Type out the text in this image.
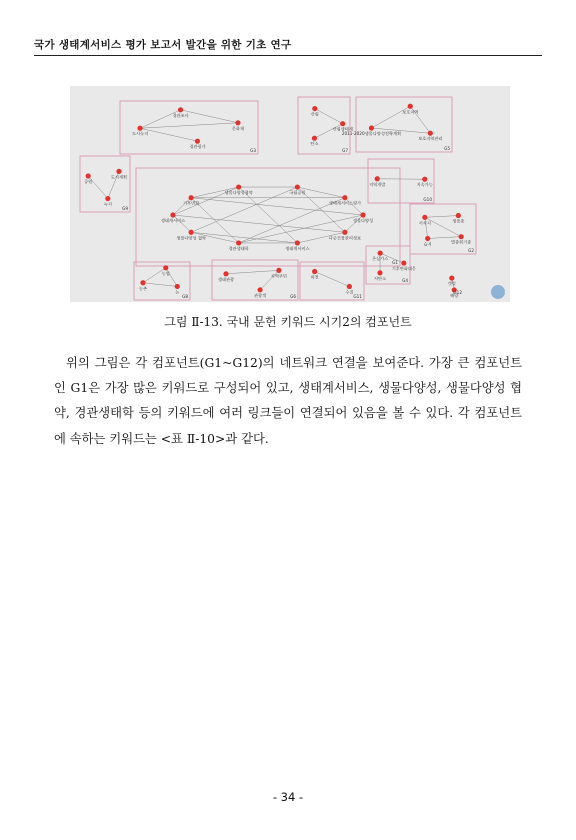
국가 생태계서비스 평가 보고서 발간을 위한 기초 연구
생물다양성
다중건물관리정보
생태계서비스
경관생태학
생물다양성 협약
생태계서비스
기후변화
생물다양성협약	국립공원
생태계서비스평가
G1
멸종위기종
습지
서식지	생물종
G2
경관평가
도시녹지
경관조사
문화재
G3
저탄소
온실가스
기후변화대응
G4
2011-2020생물다양성전략계획
보호지역
보호지역관리
G5
생태관광
지역주민
관광객	G6
산림
산림생태계
탄소
G7
농업
논
농촌
G8
도시계획
녹지
공원
G9
지속가능
지역개발
G10
수질
하천
G11	해양
갯벌
G12
그림 Ⅱ-13. 국내 문헌 키워드 시기2의 컴포넌트

위의 그림은 각 컴포넌트(G1~G12)의 네트워크 연결을 보여준다. 가장 큰 컴포넌트인 G1은 가장 많은 키워드로 구성되어 있고, 생태계서비스, 생물다양성, 생물다양성 협약, 경관생태학 등의 키워드에 여러 링크들이 연결되어 있음을 볼 수 있다. 각 컴포넌트에 속하는 키워드는 <표 Ⅱ-10>과 같다.

- 34 -
